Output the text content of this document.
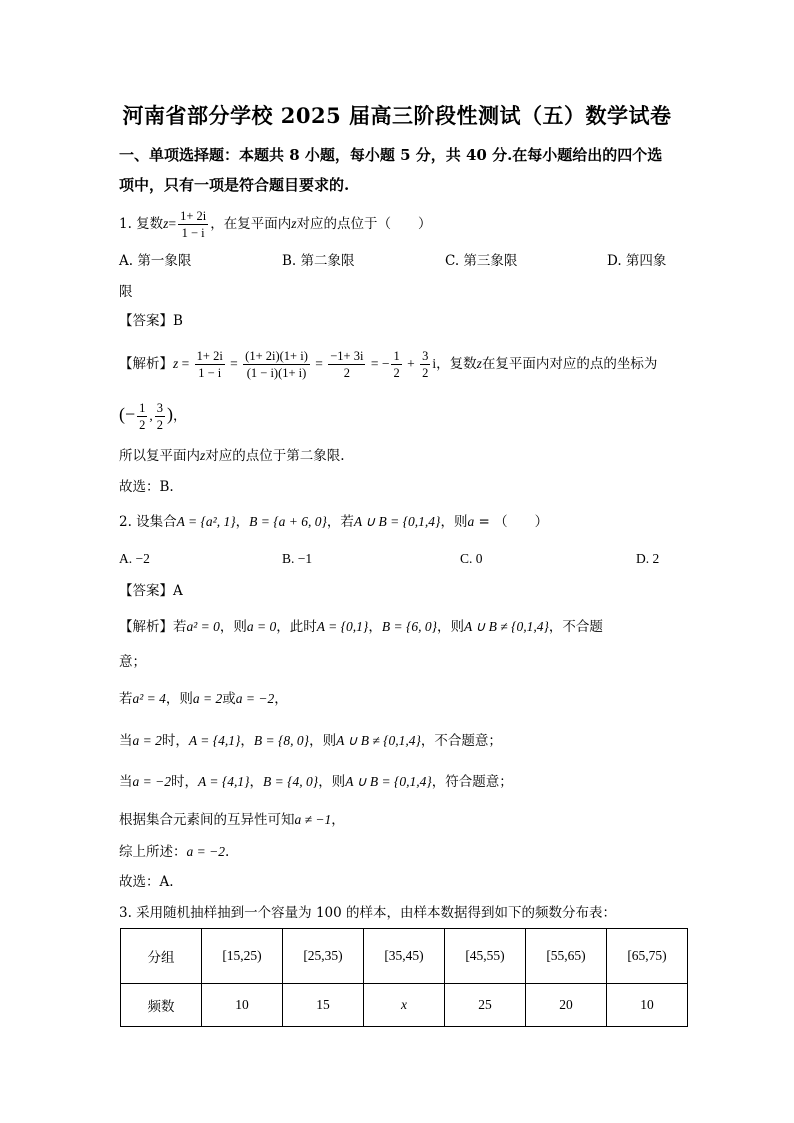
河南省部分学校 2025 届高三阶段性测试（五）数学试卷
一、单项选择题：本题共 8 小题，每小题 5 分，共 40 分.在每小题给出的四个选
项中，只有一项是符合题目要求的.
1. 复数$z= \frac{1+ 2i}{1 - i}$ ，在复平面内z对应的点位于（　　）
A. 第一象限	B. 第二象限	C. 第三象限	D. 第四象
限
【答案】B
【解析】$z = \frac{1+ 2i}{1 - i} = \frac{(1+ 2i)(1+ i)}{(1 - i)(1+ i)} = \frac{-1+ 3i}{2}$ = − $\frac{1}{2} + \frac{3}{2}$ i，复数z在复平面内对应的点的坐标为
(− $\frac{1}{2}$ , $\frac{3}{2}$ )，
所以复平面内z对应的点位于第二象限.
故选：B.
2. 设集合A = {a², 1}，B = {a + 6, 0}，若A ∪ B = {0,1,4}，则a = （　　）
A. −2	B. −1	C. 0	D. 2
【答案】A
【解析】若a² = 0，则a = 0，此时A = {0,1}，B = {6, 0}，则A ∪ B ≠ {0,1,4}，不合题
意；
若a² = 4，则a = 2或a = −2，
当a = 2时，A = {4,1}，B = {8, 0}，则A ∪ B ≠ {0,1,4}，不合题意；
当a = −2时，A = {4,1}，B = {4, 0}，则A ∪ B = {0,1,4}，符合题意；
根据集合元素间的互异性可知a ≠ −1，
综上所述：a = −2.
故选：A.
3. 采用随机抽样抽到一个容量为 100 的样本，由样本数据得到如下的频数分布表：
分组	[15,25)	[25,35)	[35,45)	[45,55)	[55,65)	[65,75)
频数	10	15	x	25	20	10
